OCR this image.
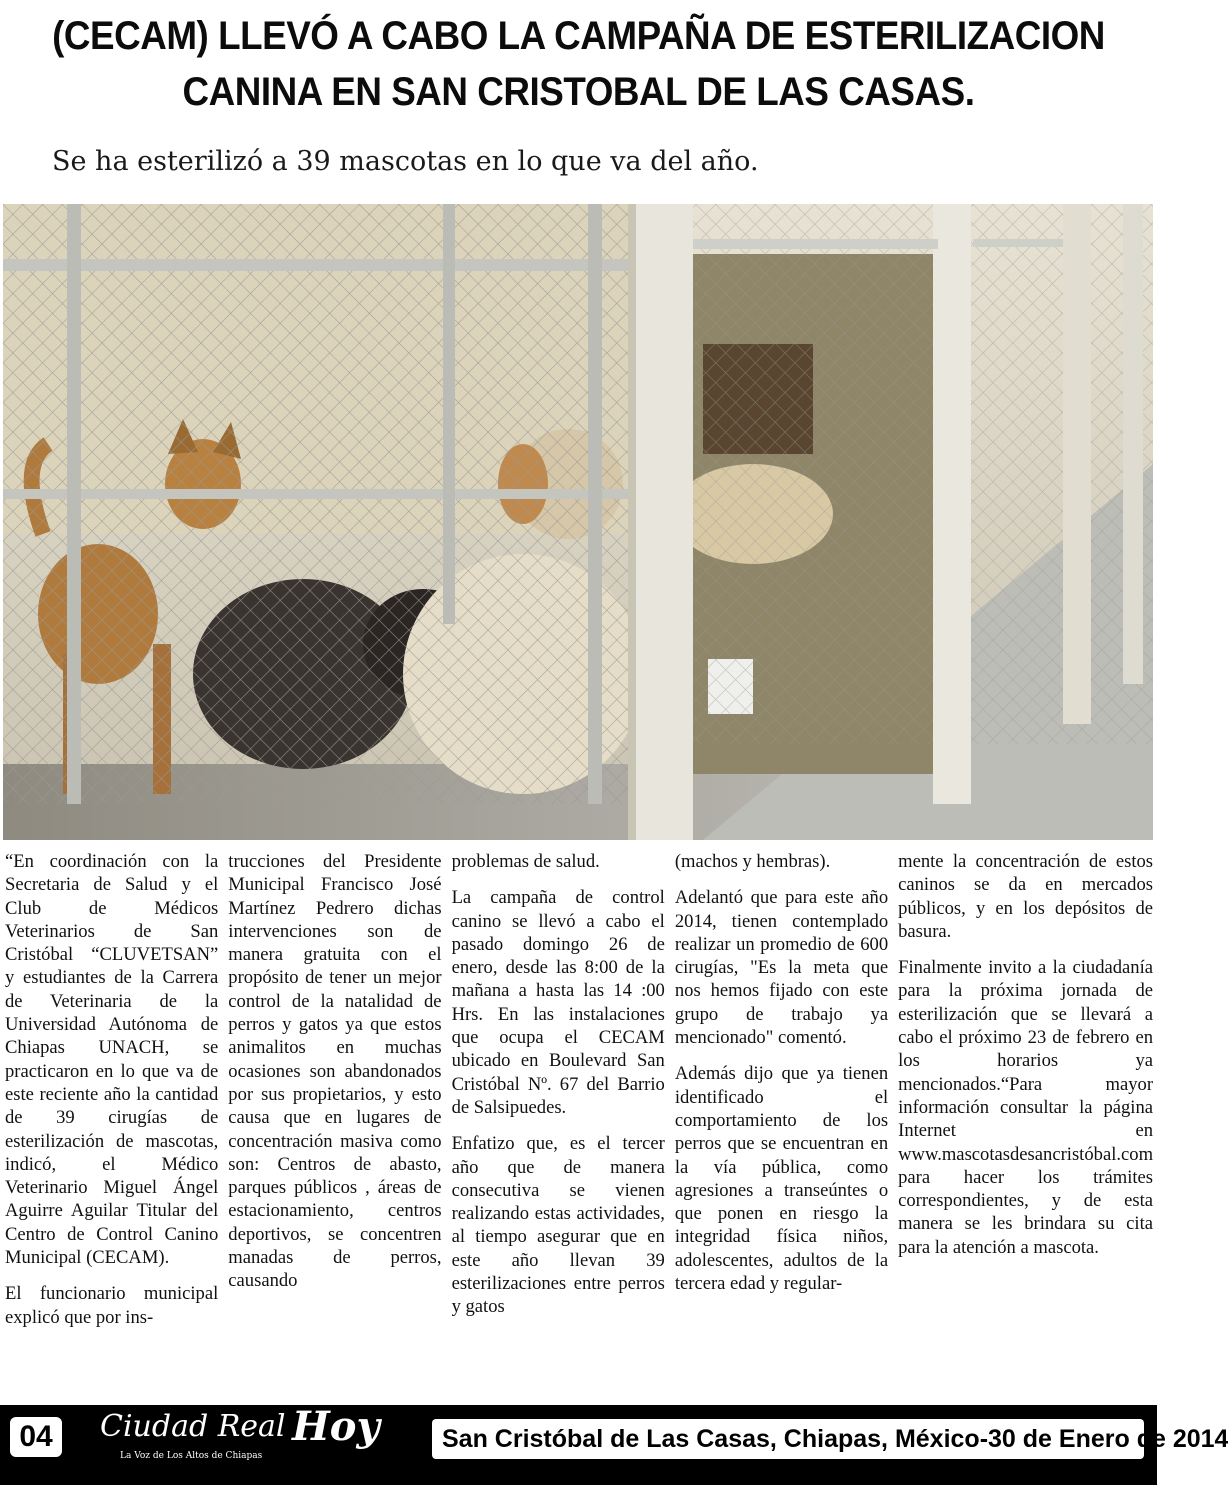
(CECAM) LLEVÓ A CABO LA CAMPAÑA DE ESTERILIZACION
CANINA EN SAN CRISTOBAL DE LAS CASAS.
Se ha esterilizó a 39 mascotas en lo que va del año.

“En coordinación con la Secretaria de Salud y el Club de Médicos Veterinarios de San Cristóbal “CLUVETSAN” y estudiantes de la Carrera de Veterinaria de la Universidad Autónoma de Chiapas UNACH, se practicaron en lo que va de este reciente año la cantidad de 39 cirugías de esterilización de mascotas, indicó, el Médico Veterinario Miguel Ángel Aguirre Aguilar Titular del Centro de Control Canino Municipal (CECAM).

El funcionario municipal explicó que por ins-

trucciones del Presidente Municipal Francisco José Martínez Pedrero dichas intervenciones son de manera gratuita con el propósito de tener un mejor control de la natalidad de perros y gatos ya que estos animalitos en muchas ocasiones son abandonados por sus propietarios, y esto causa que en lugares de concentración masiva como son: Centros de abasto, parques públicos , áreas de estacionamiento, centros deportivos, se concentren manadas de perros, causando

problemas de salud.

La campaña de control canino se llevó a cabo el pasado domingo 26 de enero, desde las 8:00 de la mañana a hasta las 14 :00 Hrs. En las instalaciones que ocupa el CECAM ubicado en Boulevard San Cristóbal Nº. 67 del Barrio de Salsipuedes.

Enfatizo que, es el tercer año que de manera consecutiva se vienen realizando estas actividades, al tiempo asegurar que en este año llevan 39 esterilizaciones entre perros y gatos

(machos y hembras).

Adelantó que para este año 2014, tienen contemplado realizar un promedio de 600 cirugías, "Es la meta que nos hemos fijado con este grupo de trabajo ya mencionado" comentó.

Además dijo que ya tienen identificado el comportamiento de los perros que se encuentran en la vía pública, como agresiones a transeúntes o que ponen en riesgo la integridad física niños, adolescentes, adultos de la tercera edad y regular-

mente la concentración de estos caninos se da en mercados públicos, y en los depósitos de basura.

Finalmente invito a la ciudadanía para la próxima jornada de esterilización que se llevará a cabo el próximo 23 de febrero en los horarios ya mencionados.“Para mayor información consultar la página Internet en www.mascotasdesancristóbal.com para hacer los trámites correspondientes, y de esta manera se les brindara su cita para la atención a mascota.

04	Ciudad Real Hoy
La Voz de Los Altos de Chiapas
San Cristóbal de Las Casas, Chiapas, México - 30 de Enero de 2014
